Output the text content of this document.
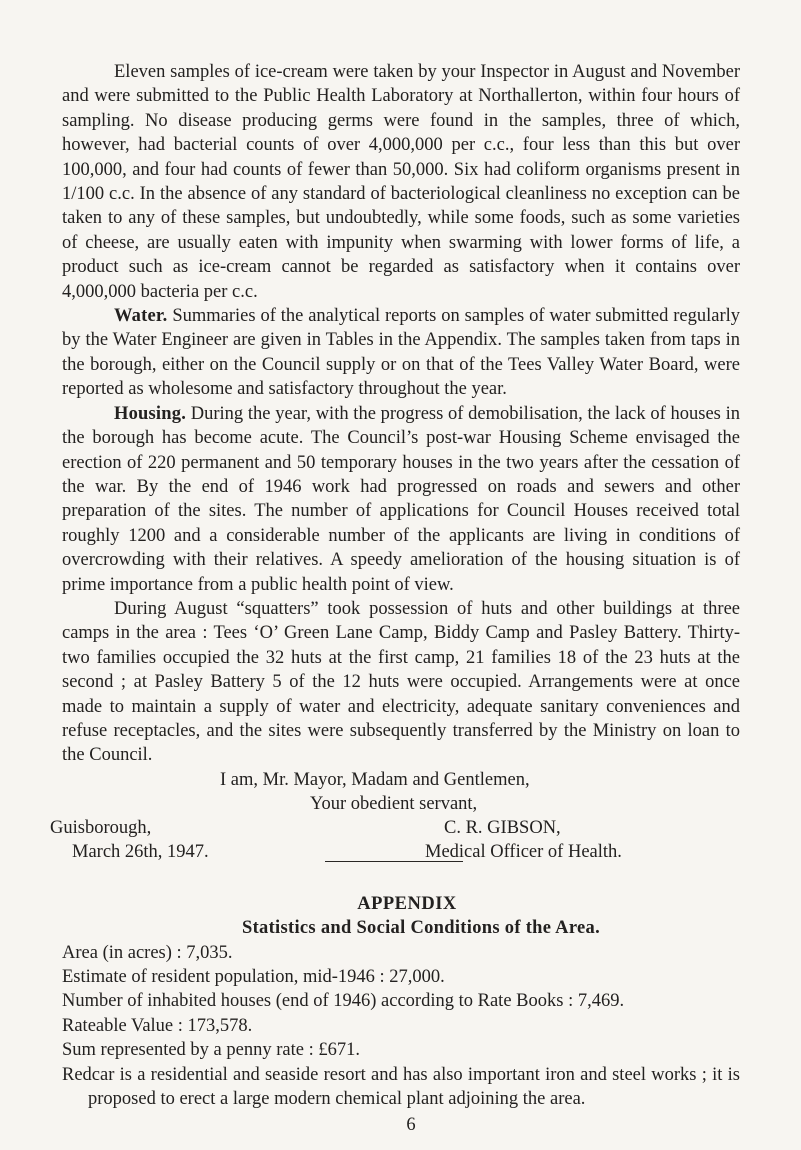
Eleven samples of ice-cream were taken by your Inspector in August and November and were submitted to the Public Health Laboratory at Northallerton, within four hours of sampling. No disease producing germs were found in the samples, three of which, however, had bacterial counts of over 4,000,000 per c.c., four less than this but over 100,000, and four had counts of fewer than 50,000. Six had coliform organisms present in 1/100 c.c. In the absence of any standard of bacteriological cleanliness no exception can be taken to any of these samples, but undoubtedly, while some foods, such as some varieties of cheese, are usually eaten with impunity when swarming with lower forms of life, a product such as ice-cream cannot be regarded as satisfactory when it contains over 4,000,000 bacteria per c.c.

Water. Summaries of the analytical reports on samples of water submitted regularly by the Water Engineer are given in Tables in the Appendix. The samples taken from taps in the borough, either on the Council supply or on that of the Tees Valley Water Board, were reported as wholesome and satisfactory throughout the year.

Housing. During the year, with the progress of demobilisation, the lack of houses in the borough has become acute. The Council’s post-war Housing Scheme envisaged the erection of 220 permanent and 50 temporary houses in the two years after the cessation of the war. By the end of 1946 work had progressed on roads and sewers and other preparation of the sites. The number of applications for Council Houses received total roughly 1200 and a considerable number of the applicants are living in conditions of overcrowding with their relatives. A speedy amelioration of the housing situation is of prime importance from a public health point of view.

During August “squatters” took possession of huts and other buildings at three camps in the area : Tees ‘O’ Green Lane Camp, Biddy Camp and Pasley Battery. Thirty-two families occupied the 32 huts at the first camp, 21 families 18 of the 23 huts at the second ; at Pasley Battery 5 of the 12 huts were occupied. Arrangements were at once made to maintain a supply of water and electricity, adequate sanitary conveniences and refuse receptacles, and the sites were subsequently transferred by the Ministry on loan to the Council.

I am, Mr. Mayor, Madam and Gentlemen,
Your obedient servant,
Guisborough,	C. R. GIBSON,
March 26th, 1947.	Medical Officer of Health.

APPENDIX

Statistics and Social Conditions of the Area.

Area (in acres) : 7,035.

Estimate of resident population, mid-1946 : 27,000.

Number of inhabited houses (end of 1946) according to Rate Books : 7,469.

Rateable Value : 173,578.

Sum represented by a penny rate : £671.

Redcar is a residential and seaside resort and has also important iron and steel works ; it is proposed to erect a large modern chemical plant adjoining the area.

6
